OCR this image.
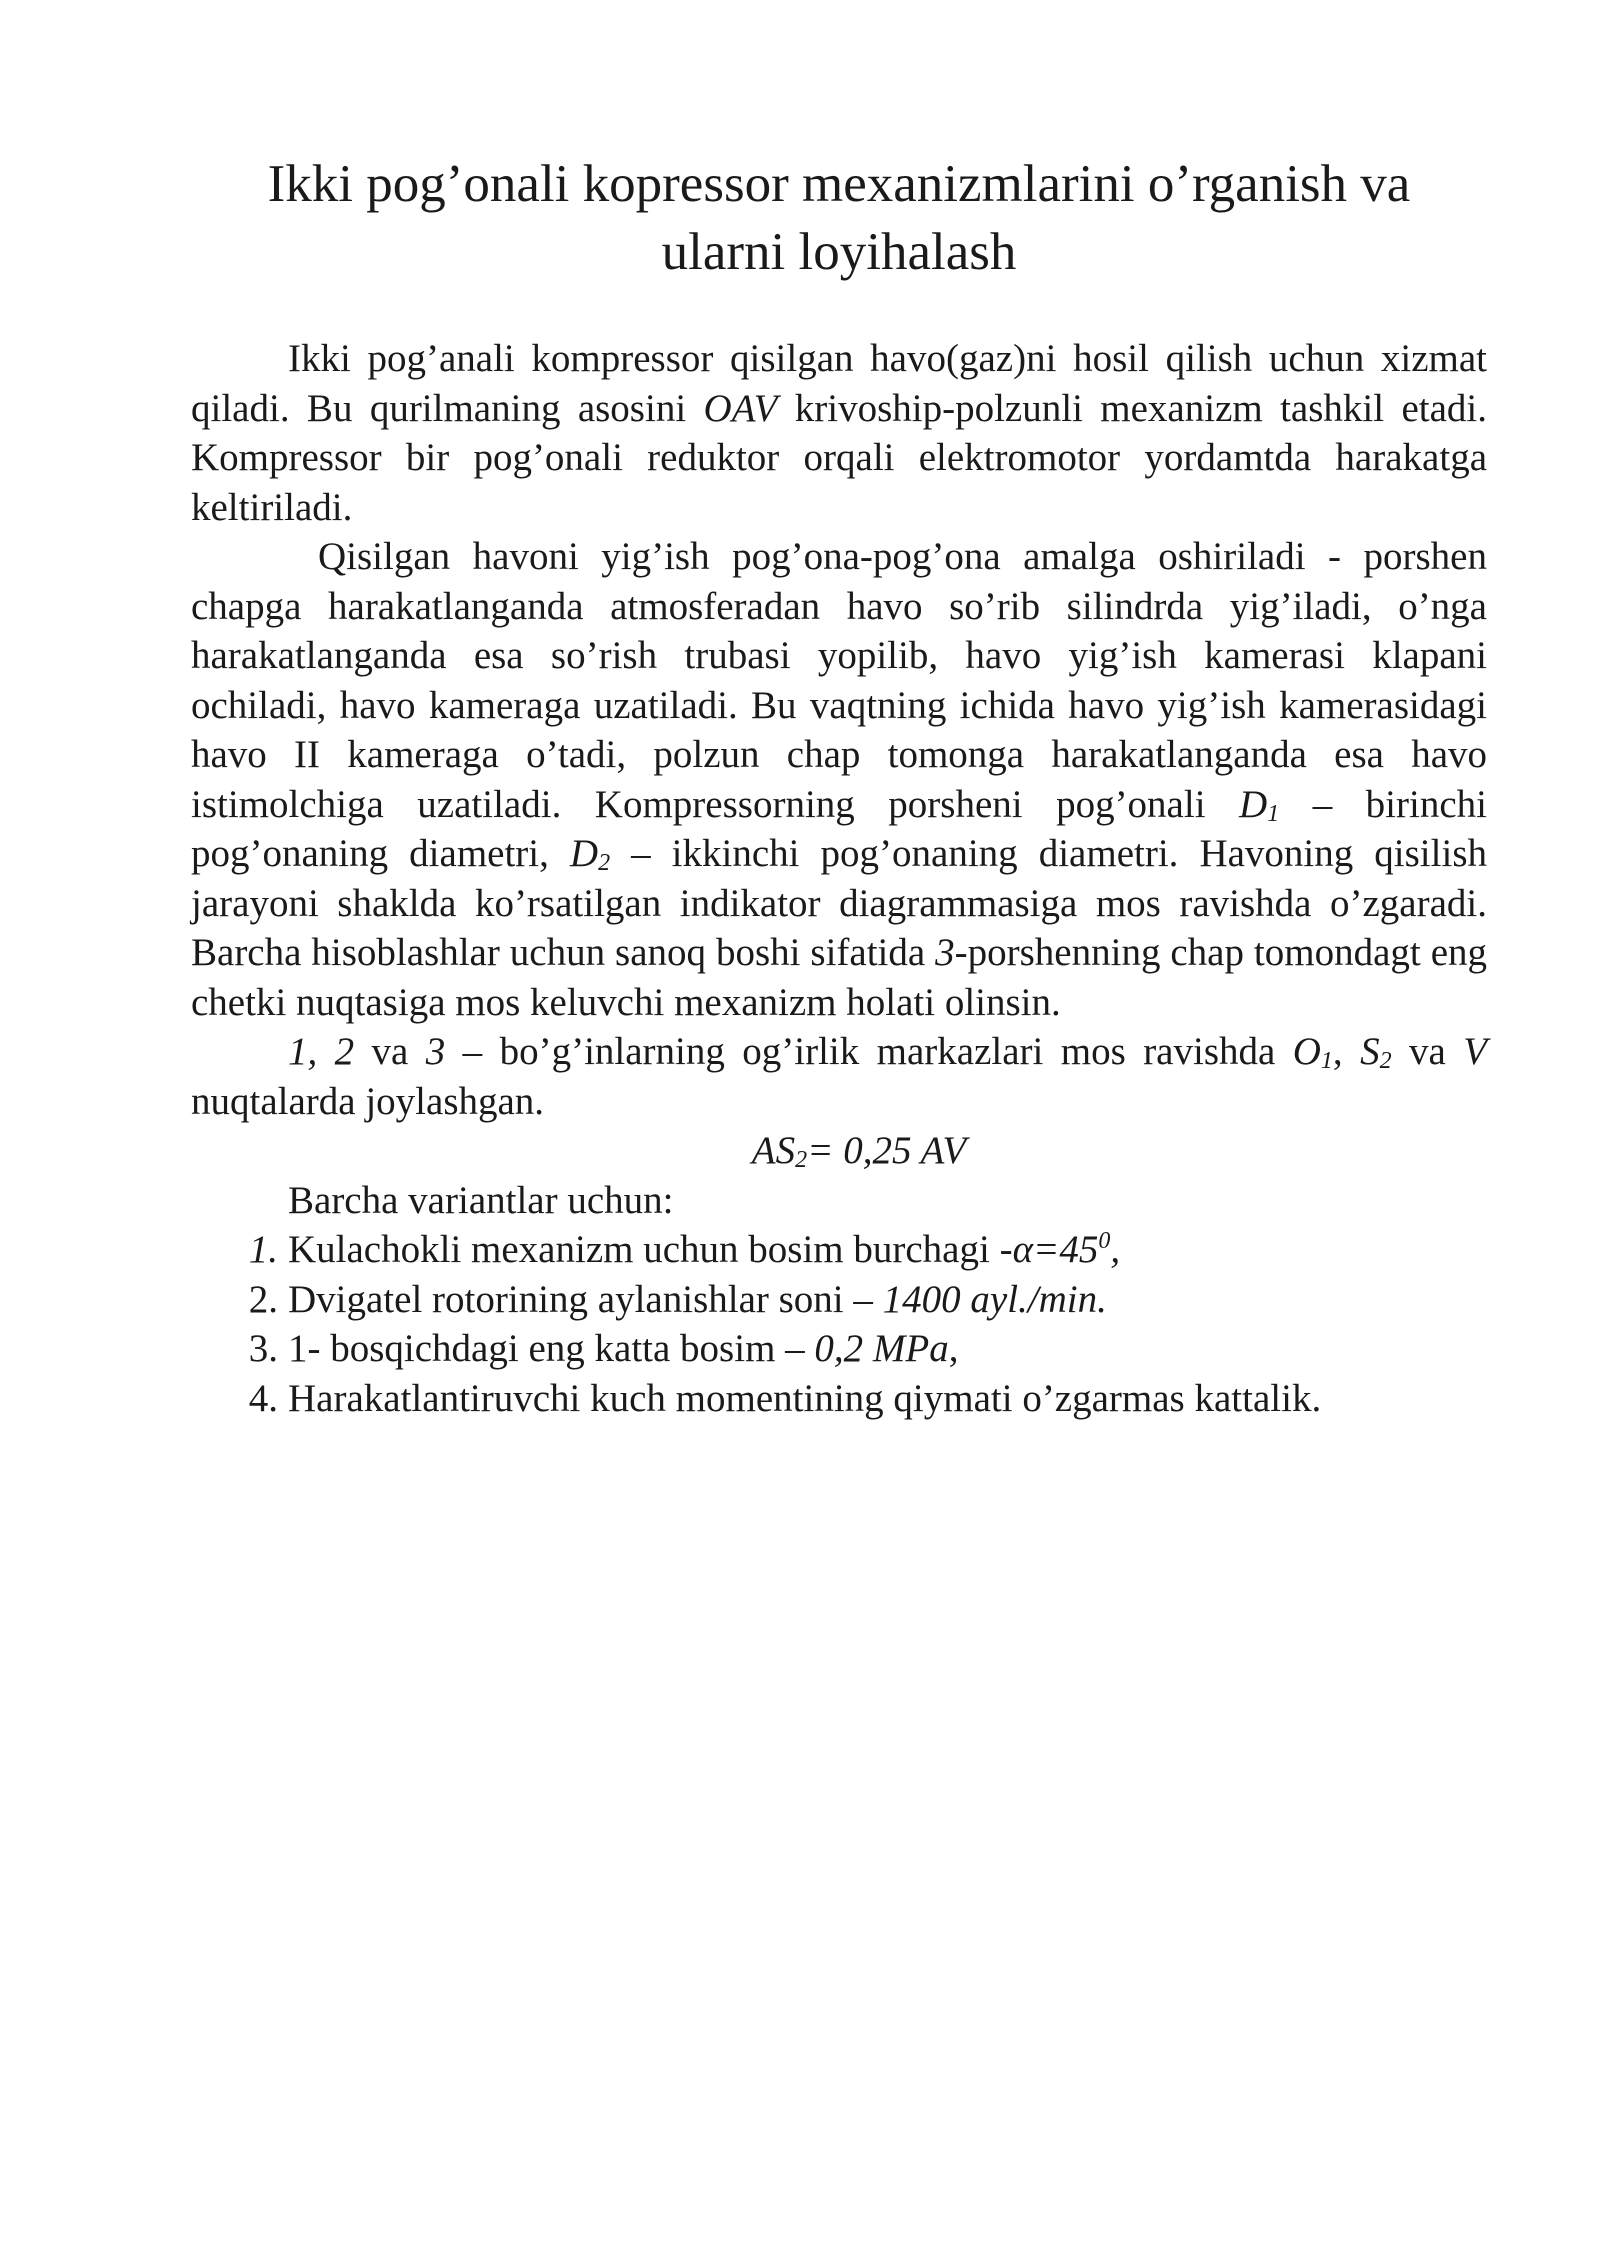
Ikki pog’onali kopressor mexanizmlarini o’rganish va
ularni loyihalash

Ikki pog’anali kompressor qisilgan havo(gaz)ni hosil qilish uchun xizmat qiladi. Bu qurilmaning asosini OAV krivoship-polzunli mexanizm tashkil etadi. Kompressor bir pog’onali reduktor orqali elektromotor yordamtda harakatga keltiriladi.

Qisilgan havoni yig’ish pog’ona-pog’ona amalga oshiriladi - porshen chapga harakatlanganda atmosferadan havo so’rib silindrda yig’iladi, o’nga harakatlanganda esa so’rish trubasi yopilib, havo yig’ish kamerasi klapani ochiladi, havo kameraga uzatiladi. Bu vaqtning ichida havo yig’ish kamerasidagi havo II kameraga o’tadi, polzun chap tomonga harakatlanganda esa havo istimolchiga uzatiladi. Kompressorning porsheni pog’onali $D_1$ – birinchi pog’onaning diametri, $D_2$ – ikkinchi pog’onaning diametri. Havoning qisilish jarayoni shaklda ko’rsatilgan indikator diagrammasiga mos ravishda o’zgaradi. Barcha hisoblashlar uchun sanoq boshi sifatida 3-porshenning chap tomondagt eng chetki nuqtasiga mos keluvchi mexanizm holati olinsin.

1, 2 va 3 – bo’g’inlarning og’irlik markazlari mos ravishda $O_1$, $S_2$ va V nuqtalarda joylashgan.

$AS_2= 0,25$ AV

Barcha variantlar uchun:

1. Kulachokli mexanizm uchun bosim burchagi $-\alpha=45^0$,
2. Dvigatel rotorining aylanishlar soni – 1400 ayl./min.
3. 1- bosqichdagi eng katta bosim – 0,2 MPa,
4. Harakatlantiruvchi kuch momentining qiymati o’zgarmas kattalik.
